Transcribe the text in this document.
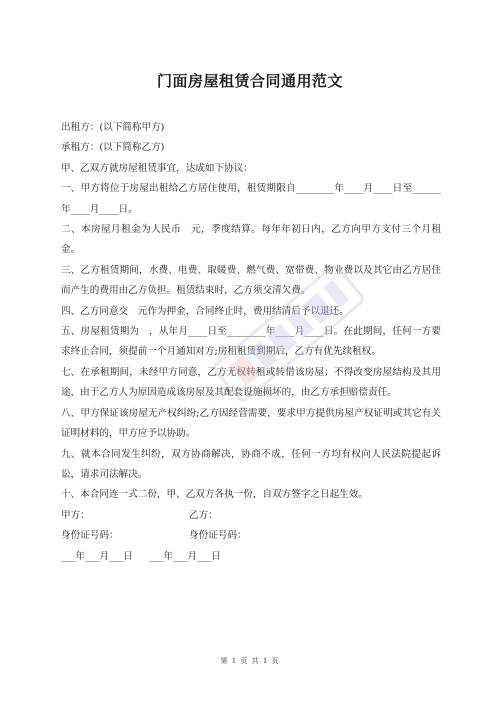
门面房屋租赁合同通用范文

出租方：(以下简称甲方)

承租方：(以下简称乙方)

甲、乙双方就房屋租赁事宜，达成如下协议：

一、甲方将位于房屋出租给乙方居住使用，租赁期限自________年____月____日至______年____月____日。

二、本房屋月租金为人民币　元，季度结算。每年年初日内，乙方向甲方支付三个月租金。

三、乙方租赁期间，水费、电费、取暖费、燃气费、宽带费、物业费以及其它由乙方居住而产生的费用由乙方负担。租赁结束时，乙方须交清欠费。

四、乙方同意交　元作为押金，合同终止时，费用结清后予以退还。

五、房屋租赁期为　，从年月____日至________年____月____日。在此期间，任何一方要求终止合同，须提前一个月通知对方;房租租赁到期后，乙方有优先续租权。

七、在承租期间，未经甲方同意，乙方无权转租或转借该房屋；不得改变房屋结构及其用途，由于乙方人为原因造成该房屋及其配套设施损坏的，由乙方承担赔偿责任。

八、甲方保证该房屋无产权纠纷;乙方因经营需要，要求甲方提供房屋产权证明或其它有关证明材料的，甲方应予以协助。

九、就本合同发生纠纷，双方协商解决，协商不成，任何一方均有权向人民法院提起诉讼，请求司法解决。

十、本合同连一式二份，甲、乙双方各执一份，自双方签字之日起生效。

甲方：	乙方：
身份证号码：	身份证号码：
___年___月___日 ___年___月___日
第 1 页 共 1 页
